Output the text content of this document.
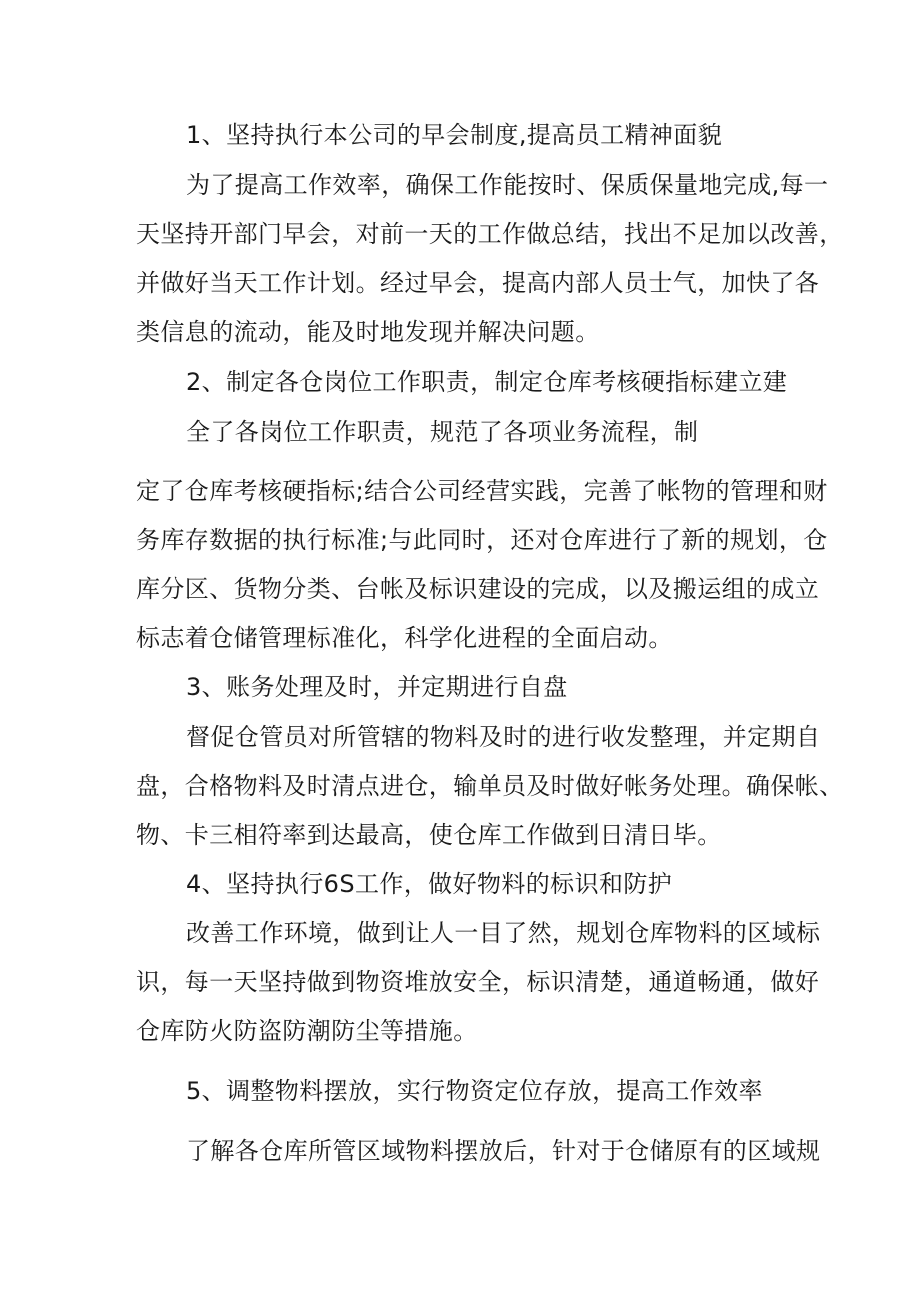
1、坚持执行本公司的早会制度,提高员工精神面貌
为了提高工作效率，确保工作能按时、保质保量地完成,每一
天坚持开部门早会，对前一天的工作做总结，找出不足加以改善，
并做好当天工作计划。经过早会，提高内部人员士气，加快了各
类信息的流动，能及时地发现并解决问题。
2、制定各仓岗位工作职责，制定仓库考核硬指标建立建
全了各岗位工作职责，规范了各项业务流程，制
定了仓库考核硬指标;结合公司经营实践，完善了帐物的管理和财
务库存数据的执行标准;与此同时，还对仓库进行了新的规划，仓
库分区、货物分类、台帐及标识建设的完成，以及搬运组的成立
标志着仓储管理标准化，科学化进程的全面启动。
3、账务处理及时，并定期进行自盘
督促仓管员对所管辖的物料及时的进行收发整理，并定期自
盘，合格物料及时清点进仓，输单员及时做好帐务处理。确保帐、
物、卡三相符率到达最高，使仓库工作做到日清日毕。
4、坚持执行6S工作，做好物料的标识和防护
改善工作环境，做到让人一目了然，规划仓库物料的区域标
识，每一天坚持做到物资堆放安全，标识清楚，通道畅通，做好
仓库防火防盗防潮防尘等措施。
5、调整物料摆放，实行物资定位存放，提高工作效率
了解各仓库所管区域物料摆放后，针对于仓储原有的区域规
